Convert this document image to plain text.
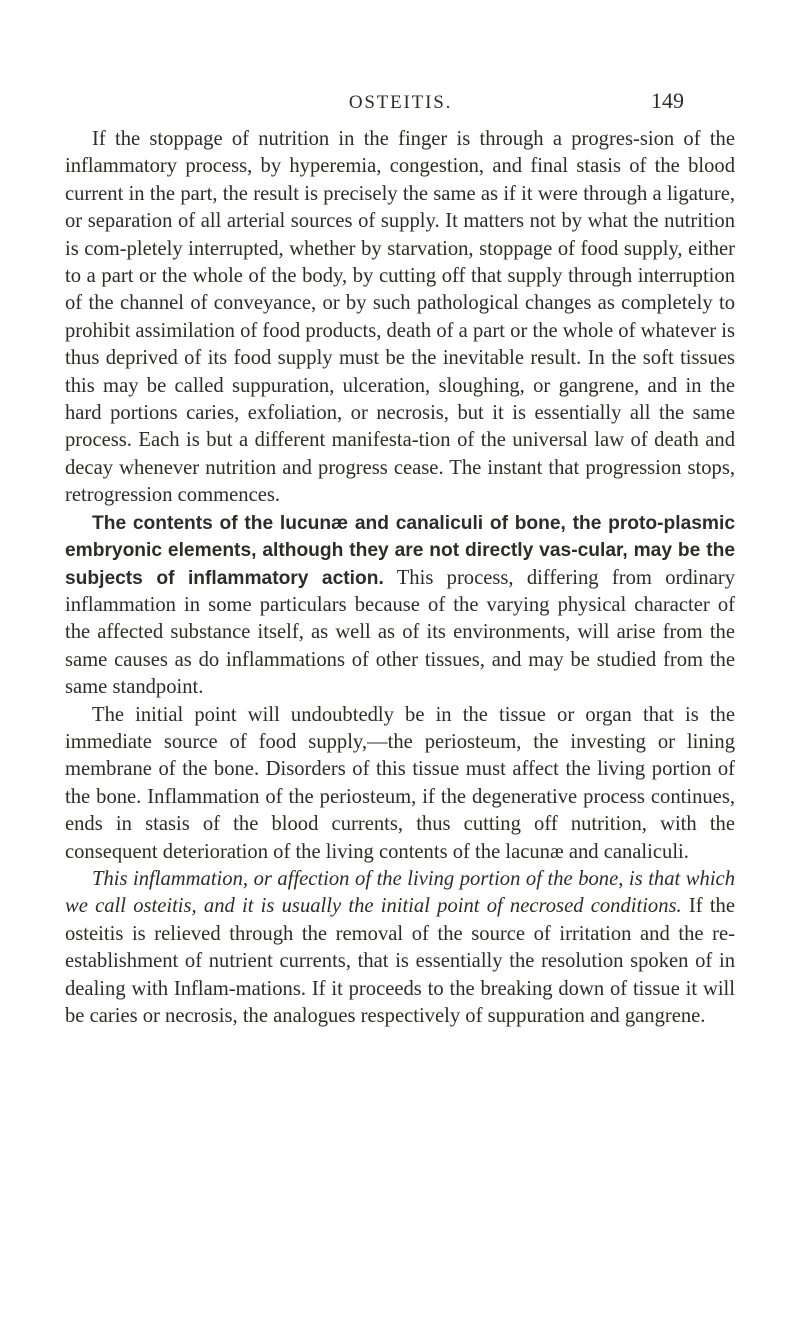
OSTEITIS.	149

If the stoppage of nutrition in the finger is through a progres-sion of the inflammatory process, by hyperemia, congestion, and final stasis of the blood current in the part, the result is precisely the same as if it were through a ligature, or separation of all arterial sources of supply. It matters not by what the nutrition is com-pletely interrupted, whether by starvation, stoppage of food supply, either to a part or the whole of the body, by cutting off that supply through interruption of the channel of conveyance, or by such pathological changes as completely to prohibit assimilation of food products, death of a part or the whole of whatever is thus deprived of its food supply must be the inevitable result. In the soft tissues this may be called suppuration, ulceration, sloughing, or gangrene, and in the hard portions caries, exfoliation, or necrosis, but it is essentially all the same process. Each is but a different manifesta-tion of the universal law of death and decay whenever nutrition and progress cease. The instant that progression stops, retrogression commences.

The contents of the lucunæ and canaliculi of bone, the proto-plasmic embryonic elements, although they are not directly vas-cular, may be the subjects of inflammatory action. This process, differing from ordinary inflammation in some particulars because of the varying physical character of the affected substance itself, as well as of its environments, will arise from the same causes as do inflammations of other tissues, and may be studied from the same standpoint.

The initial point will undoubtedly be in the tissue or organ that is the immediate source of food supply,—the periosteum, the investing or lining membrane of the bone. Disorders of this tissue must affect the living portion of the bone. Inflammation of the periosteum, if the degenerative process continues, ends in stasis of the blood currents, thus cutting off nutrition, with the consequent deterioration of the living contents of the lacunæ and canaliculi.

This inflammation, or affection of the living portion of the bone, is that which we call osteitis, and it is usually the initial point of necrosed conditions. If the osteitis is relieved through the removal of the source of irritation and the re-establishment of nutrient currents, that is essentially the resolution spoken of in dealing with Inflam-mations. If it proceeds to the breaking down of tissue it will be caries or necrosis, the analogues respectively of suppuration and gangrene.
